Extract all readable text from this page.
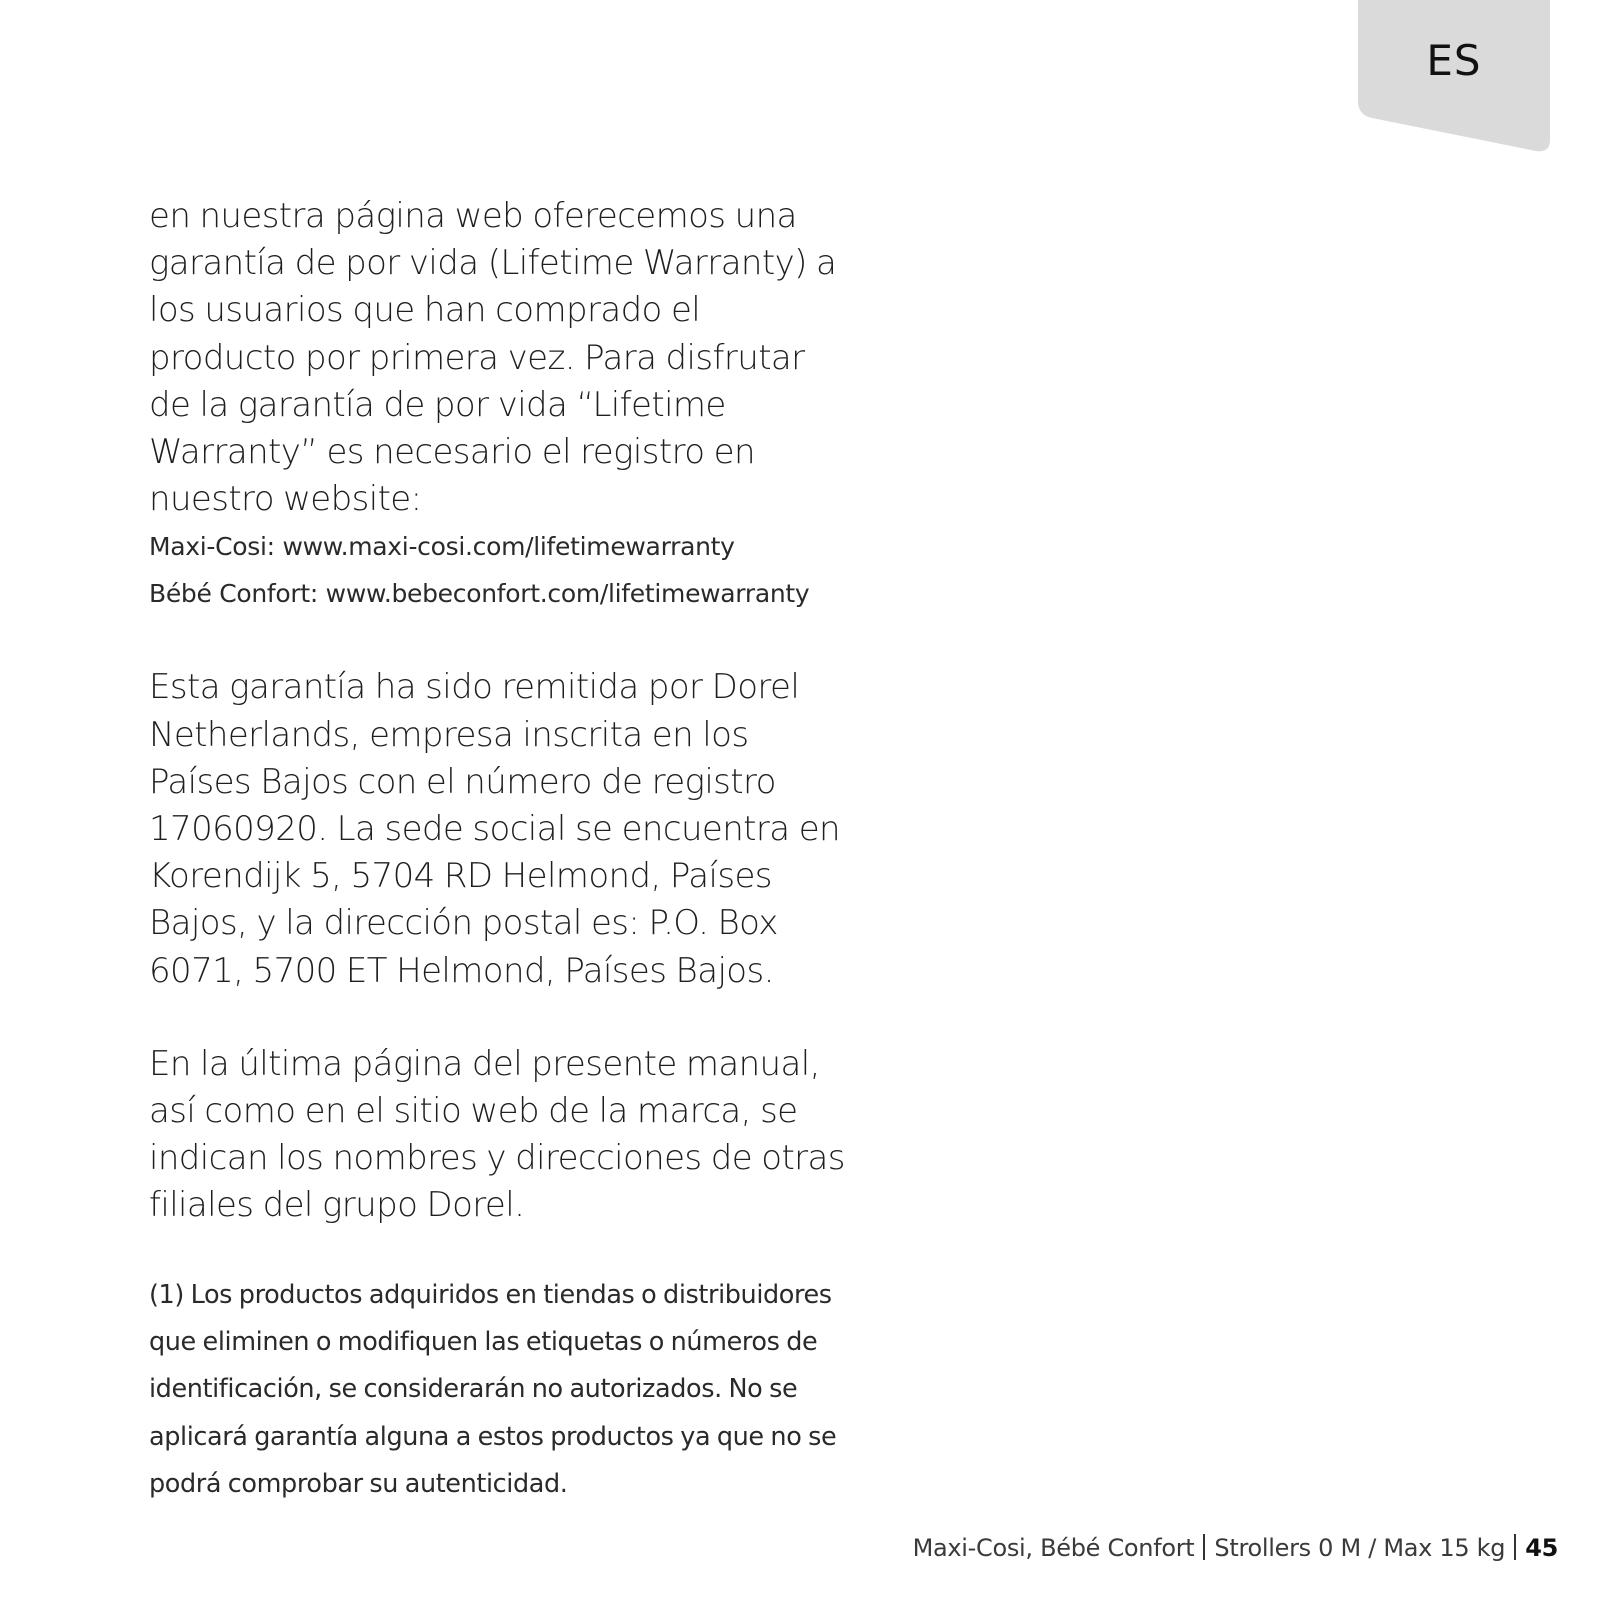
ES

en nuestra página web oferecemos una garantía de por vida (Lifetime Warranty) a los usuarios que han comprado el producto por primera vez. Para disfrutar de la garantía de por vida “Lifetime Warranty” es necesario el registro en nuestro website:

Maxi-Cosi: www.maxi-cosi.com/lifetimewarranty
Bébé Confort: www.bebeconfort.com/lifetimewarranty

Esta garantía ha sido remitida por Dorel Netherlands, empresa inscrita en los Países Bajos con el número de registro 17060920. La sede social se encuentra en Korendijk 5, 5704 RD Helmond, Países Bajos, y la dirección postal es: P.O. Box 6071, 5700 ET Helmond, Países Bajos.

En la última página del presente manual, así como en el sitio web de la marca, se indican los nombres y direcciones de otras filiales del grupo Dorel.

(1) Los productos adquiridos en tiendas o distribuidores que eliminen o modifiquen las etiquetas o números de identificación, se considerarán no autorizados. No se aplicará garantía alguna a estos productos ya que no se podrá comprobar su autenticidad.

Maxi-Cosi, Bébé Confort Strollers 0 M / Max 15 kg 45
